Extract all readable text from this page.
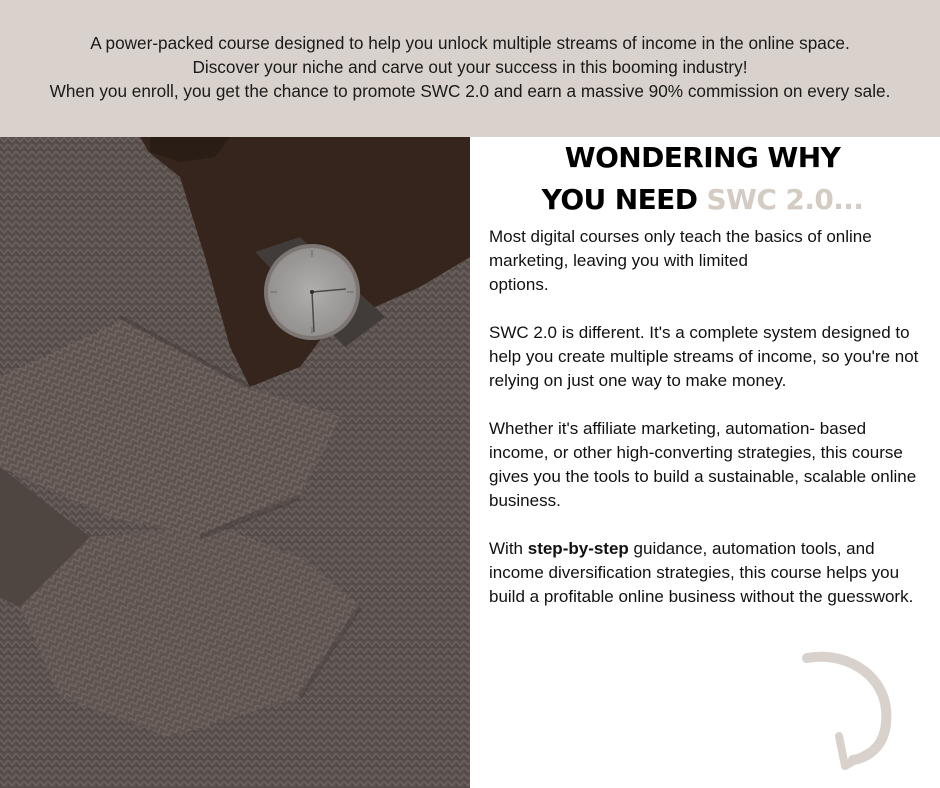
A power-packed course designed to help you unlock multiple streams of income in the online space.

Discover your niche and carve out your success in this booming industry!

When you enroll, you get the chance to promote SWC 2.0 and earn a massive 90% commission on every sale.

WONDERING WHY
YOU NEED SWC 2.0...

Most digital courses only teach the basics of online marketing, leaving you with limited
options.

SWC 2.0 is different. It's a complete system designed to help you create multiple streams of income, so you're not relying on just one way to make money.

Whether it's affiliate marketing, automation- based income, or other high-converting strategies, this course gives you the tools to build a sustainable, scalable online business.

With step-by-step guidance, automation tools, and income diversification strategies, this course helps you build a profitable online business without the guesswork.
